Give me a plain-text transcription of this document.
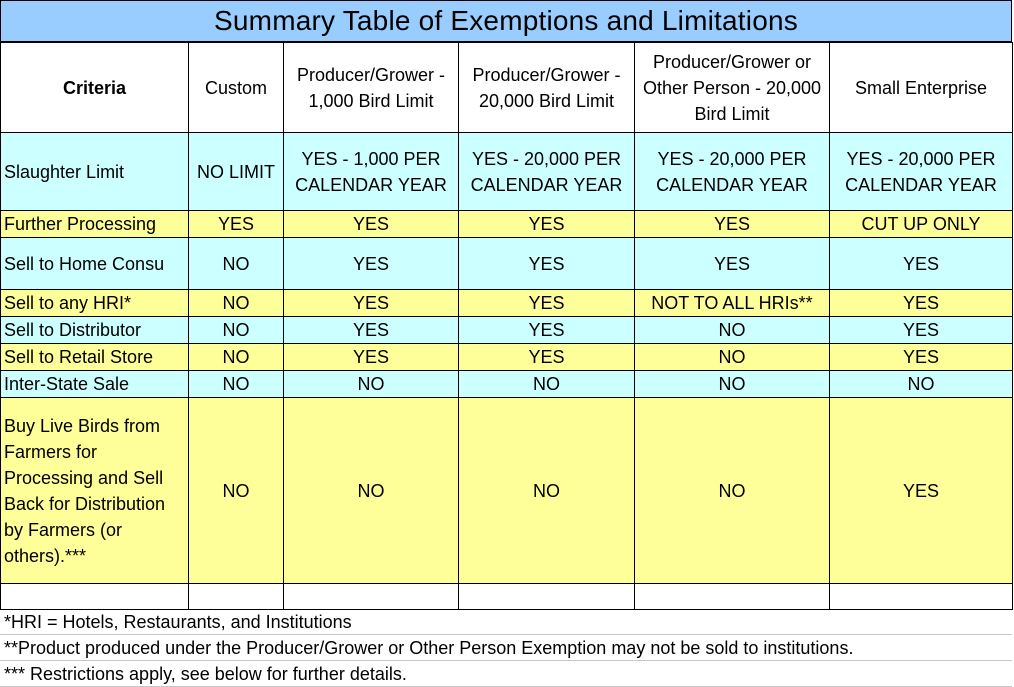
Summary Table of Exemptions and Limitations
Criteria	Custom	Producer/Grower - 1,000 Bird Limit	Producer/Grower - 20,000 Bird Limit	Producer/Grower or Other Person - 20,000 Bird Limit	Small Enterprise
Slaughter Limit	NO LIMIT	YES - 1,000 PER CALENDAR YEAR	YES - 20,000 PER CALENDAR YEAR	YES - 20,000 PER CALENDAR YEAR	YES - 20,000 PER CALENDAR YEAR
Further Processing	YES	YES	YES	YES	CUT UP ONLY
Sell to Home Consu	NO	YES	YES	YES	YES
Sell to any HRI*	NO	YES	YES	NOT TO ALL HRIs**	YES
Sell to Distributor	NO	YES	YES	NO	YES
Sell to Retail Store	NO	YES	YES	NO	YES
Inter-State Sale	NO	NO	NO	NO	NO
Buy Live Birds from Farmers for Processing and Sell Back for Distribution by Farmers (or others).***	NO	NO	NO	NO	YES

*HRI = Hotels, Restaurants, and Institutions
**Product produced under the Producer/Grower or Other Person Exemption may not be sold to institutions.
*** Restrictions apply, see below for further details.
